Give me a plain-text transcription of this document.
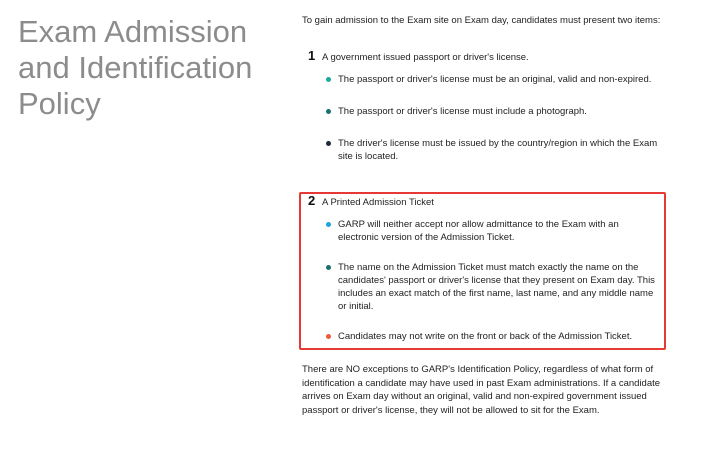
Exam Admission and Identification Policy

To gain admission to the Exam site on Exam day, candidates must present two items:

1 A government issued passport or driver's license.
The passport or driver's license must be an original, valid and non-expired.
The passport or driver's license must include a photograph.
The driver's license must be issued by the country/region in which the Exam site is located.
2 A Printed Admission Ticket
GARP will neither accept nor allow admittance to the Exam with an electronic version of the Admission Ticket.
The name on the Admission Ticket must match exactly the name on the candidates' passport or driver's license that they present on Exam day. This includes an exact match of the first name, last name, and any middle name or initial.
Candidates may not write on the front or back of the Admission Ticket.

There are NO exceptions to GARP's Identification Policy, regardless of what form of identification a candidate may have used in past Exam administrations. If a candidate arrives on Exam day without an original, valid and non-expired government issued passport or driver's license, they will not be allowed to sit for the Exam.
